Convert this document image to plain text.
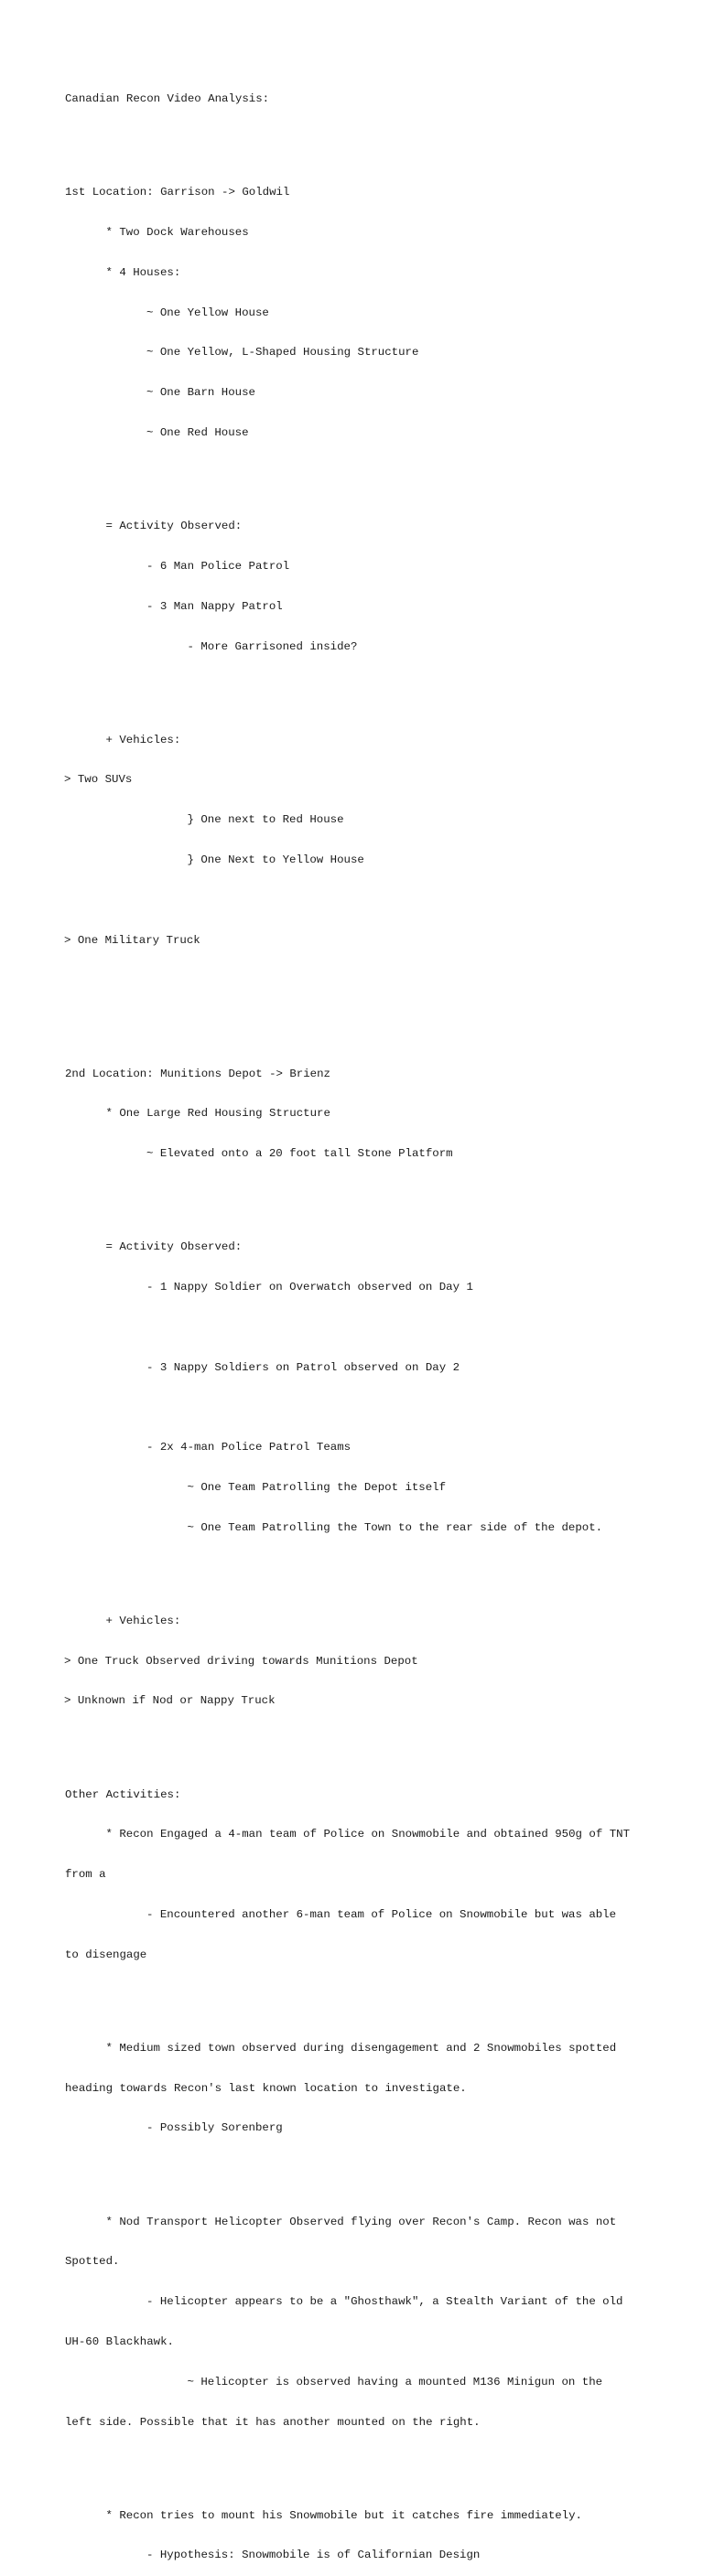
Canadian Recon Video Analysis:

1st Location: Garrison -> Goldwil

* Two Dock Warehouses

* 4 Houses:

~ One Yellow House

~ One Yellow, L-Shaped Housing Structure

~ One Barn House

~ One Red House

= Activity Observed:

- 6 Man Police Patrol

- 3 Man Nappy Patrol

- More Garrisoned inside?

+ Vehicles:

> Two SUVs

} One next to Red House

} One Next to Yellow House

> One Military Truck

2nd Location: Munitions Depot -> Brienz

* One Large Red Housing Structure

~ Elevated onto a 20 foot tall Stone Platform

= Activity Observed:

- 1 Nappy Soldier on Overwatch observed on Day 1

- 3 Nappy Soldiers on Patrol observed on Day 2

- 2x 4-man Police Patrol Teams

~ One Team Patrolling the Depot itself

~ One Team Patrolling the Town to the rear side of the depot.

+ Vehicles:

> One Truck Observed driving towards Munitions Depot

> Unknown if Nod or Nappy Truck

Other Activities:

* Recon Engaged a 4-man team of Police on Snowmobile and obtained 950g of TNT

from a

- Encountered another 6-man team of Police on Snowmobile but was able

to disengage

* Medium sized town observed during disengagement and 2 Snowmobiles spotted

heading towards Recon's last known location to investigate.

- Possibly Sorenberg

* Nod Transport Helicopter Observed flying over Recon's Camp. Recon was not

Spotted.

- Helicopter appears to be a "Ghosthawk", a Stealth Variant of the old

UH-60 Blackhawk.

~ Helicopter is observed having a mounted M136 Minigun on the

left side. Possible that it has another mounted on the right.

* Recon tries to mount his Snowmobile but it catches fire immediately.

- Hypothesis: Snowmobile is of Californian Design
